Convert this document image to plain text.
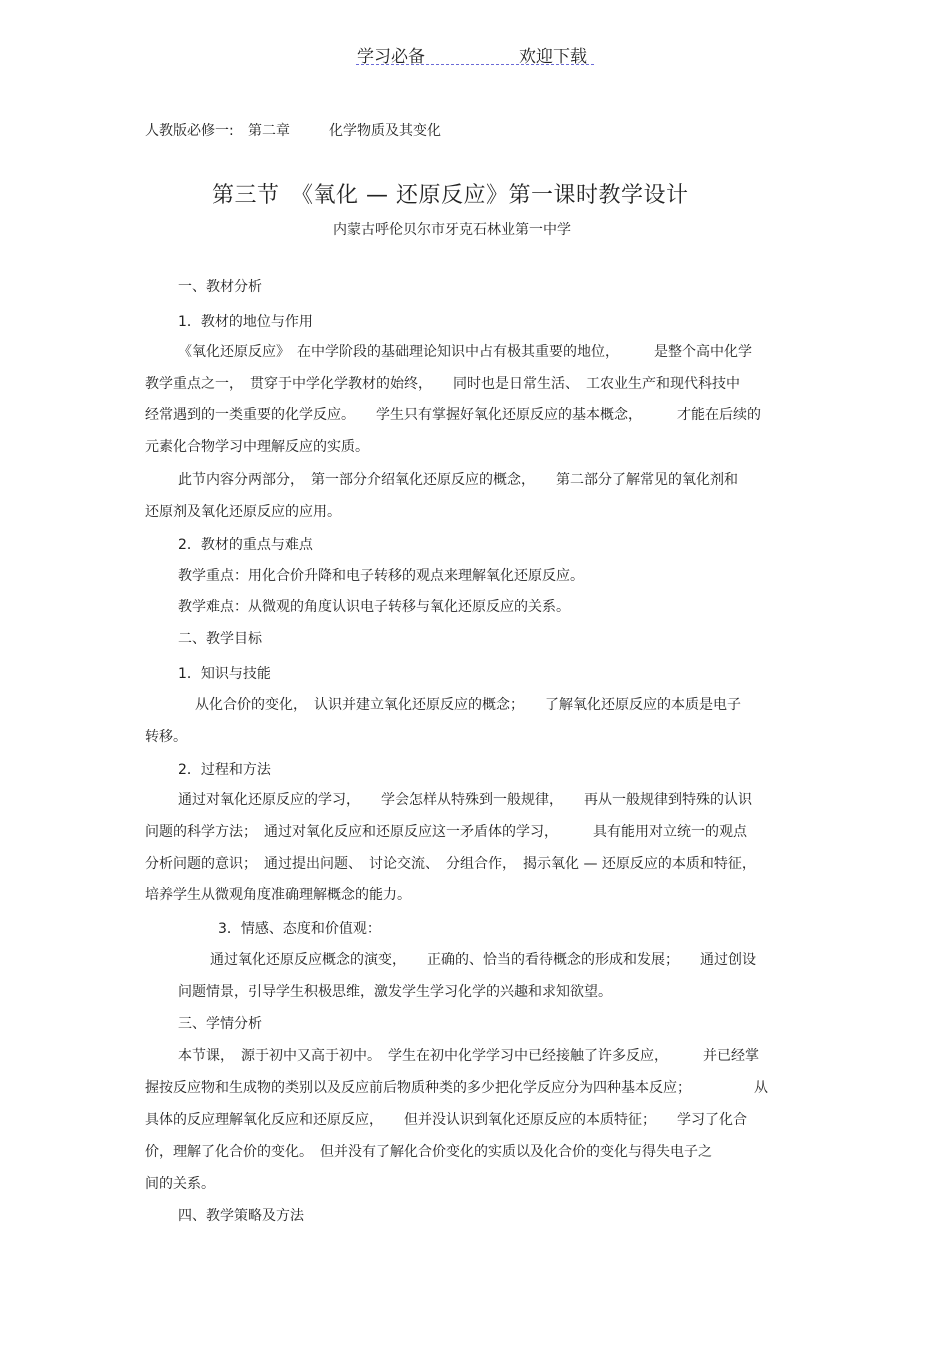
学习必备	欢迎下载
人教版必修一: 第二章	化学物质及其变化
第三节　《氧化 — 还原反应》第一课时教学设计
内蒙古呼伦贝尔市牙克石林业第一中学
一、教材分析
1．教材的地位与作用
《氧化还原反应》　在中学阶段的基础理论知识中占有极其重要的地位，　　　是整个高中化学
教学重点之一，　贯穿于中学化学教材的始终，　　同时也是日常生活、　工农业生产和现代科技中
经常遇到的一类重要的化学反应。　　学生只有掌握好氧化还原反应的基本概念，　　　才能在后续的
元素化合物学习中理解反应的实质。
此节内容分两部分，　第一部分介绍氧化还原反应的概念，　　第二部分了解常见的氧化剂和
还原剂及氧化还原反应的应用。
2．教材的重点与难点
教学重点：用化合价升降和电子转移的观点来理解氧化还原反应。
教学难点：从微观的角度认识电子转移与氧化还原反应的关系。
二、教学目标
1．知识与技能
从化合价的变化，　认识并建立氧化还原反应的概念；　　了解氧化还原反应的本质是电子
转移。
2．过程和方法
通过对氧化还原反应的学习，　　学会怎样从特殊到一般规律，　　再从一般规律到特殊的认识
问题的科学方法；　通过对氧化反应和还原反应这一矛盾体的学习，　　　具有能用对立统一的观点
分析问题的意识；　通过提出问题、　讨论交流、　分组合作，　揭示氧化 — 还原反应的本质和特征，
培养学生从微观角度准确理解概念的能力。
3．情感、态度和价值观：
通过氧化还原反应概念的演变，　　正确的、恰当的看待概念的形成和发展；　　通过创设
问题情景，引导学生积极思维，激发学生学习化学的兴趣和求知欲望。
三、学情分析
本节课，　源于初中又高于初中。　学生在初中化学学习中已经接触了许多反应，　　　并已经掌
握按反应物和生成物的类别以及反应前后物质种类的多少把化学反应分为四种基本反应；　　　　　从
具体的反应理解氧化反应和还原反应，　　但并没认识到氧化还原反应的本质特征；　　学习了化合
价，理解了化合价的变化。　但并没有了解化合价变化的实质以及化合价的变化与得失电子之
间的关系。
四、教学策略及方法
